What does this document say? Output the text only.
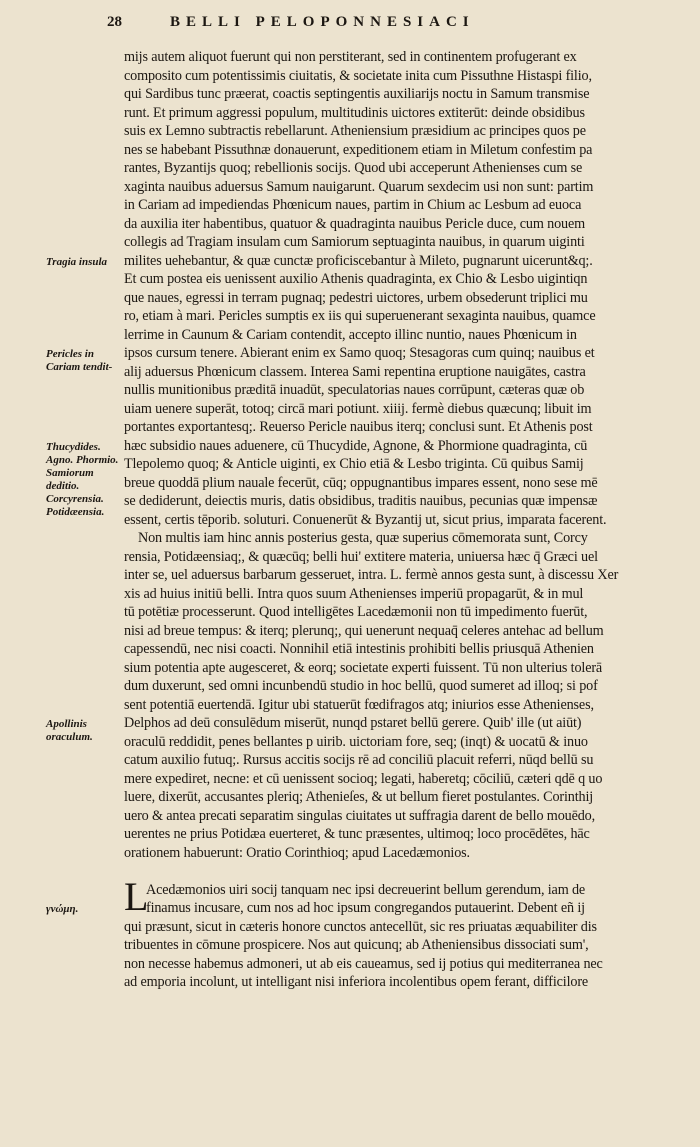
28	BELLI PELOPONNESIACI
mijs autem aliquot fuerunt qui non perstiterant, sed in continentem profugerant ex
composito cum potentissimis ciuitatis, & societate inita cum Pissuthne Histaspi filio,
qui Sardibus tunc præerat, coactis septingentis auxiliarijs noctu in Samum transmise
runt. Et primum aggressi populum, multitudinis uictores extiterūt: deinde obsidibus
suis ex Lemno subtractis rebellarunt. Atheniensium præsidium ac principes quos pe
nes se habebant Pissuthnæ donauerunt, expeditionem etiam in Miletum confestim pa
rantes, Byzantijs quoq; rebellionis socijs. Quod ubi acceperunt Athenienses cum se
xaginta nauibus aduersus Samum nauigarunt. Quarum sexdecim usi non sunt: partim
in Cariam ad impediendas Phœnicum naues, partim in Chium ac Lesbum ad euoca
da auxilia iter habentibus, quatuor & quadraginta nauibus Pericle duce, cum nouem
collegis ad Tragiam insulam cum Samiorum septuaginta nauibus, in quarum uiginti
milites uehebantur, & quæ cunctæ proficiscebantur à Mileto, pugnarunt uicerunt&q;.
Et cum postea eis uenissent auxilio Athenis quadraginta, ex Chio & Lesbo uigintiqn
que naues, egressi in terram pugnaq; pedestri uictores, urbem obsederunt triplici mu
ro, etiam à mari. Pericles sumptis ex iis qui superuenerant sexaginta nauibus, quamce
lerrime in Caunum & Cariam contendit, accepto illinc nuntio, naues Phœnicum in
ipsos cursum tenere. Abierant enim ex Samo quoq; Stesagoras cum quinq; nauibus et
alij aduersus Phœnicum classem. Interea Sami repentina eruptione nauigātes, castra
nullis munitionibus præditā inuadūt, speculatorias naues corrūpunt, cæteras quæ ob
uiam uenere superāt, totoq; circā mari potiunt. xiiij. fermè diebus quæcunq; libuit im
portantes exportantesq;. Reuerso Pericle nauibus iterq; conclusi sunt. Et Athenis post
hæc subsidio naues aduenere, cū Thucydide, Agnone, & Phormione quadraginta, cū
Tlepolemo quoq; & Anticle uiginti, ex Chio etiā & Lesbo triginta. Cū quibus Samij
breue quoddā plium nauale fecerūt, cūq; oppugnantibus impares essent, nono sese mē
se dediderunt, deiectis muris, datis obsidibus, traditis nauibus, pecunias quæ impensæ
essent, certis tēporib. soluturi. Conuenerūt & Byzantij ut, sicut prius, imparata facerent.
Non multis iam hinc annis posterius gesta, quæ superius cōmemorata sunt, Corcy
rensia, Potidæensiaq;, & quæcūq; belli hui' extitere materia, uniuersa hæc q̄ Græci uel
inter se, uel aduersus barbarum gesseruet, intra. L. fermè annos gesta sunt, à discessu Xer
xis ad huius initiū belli. Intra quos suum Athenienses imperiū propagarūt, & in mul
tū potētiæ processerunt. Quod intelligētes Lacedæmonii non tū impedimento fuerūt,
nisi ad breue tempus: & iterq; plerunq;, qui uenerunt nequaq̄ celeres antehac ad bellum
capessendū, nec nisi coacti. Nonnihil etiā intestinis prohibiti bellis priusquā Athenien
sium potentia apte augesceret, & eorq; societate experti fuissent. Tū non ulterius tolerā
dum duxerunt, sed omni incunbendū studio in hoc bellū, quod sumeret ad illoq; si pof
sent potentiā euertendā. Igitur ubi statuerūt fœdifragos atq; iniurios esse Athenienses,
Delphos ad deū consulēdum miserūt, nunqd pstaret bellū gerere. Quib' ille (ut aiūt)
oraculū reddidit, penes bellantes p uirib. uictoriam fore, seq; (inqt) & uocatū & inuo
catum auxilio futuq;. Rursus accitis socijs rē ad conciliū placuit referri, nūqd bellū su
mere expediret, necne: et cū uenissent socioq; legati, haberetq; cōciliū, cæteri qdē q uo
luere, dixerūt, accusantes pleriq; Athenieſes, & ut bellum fieret postulantes. Corinthij
uero & antea precati separatim singulas ciuitates ut suffragia darent de bello mouēdo,
uerentes ne prius Potidæa euerteret, & tunc præsentes, ultimoq; loco procēdētes, hāc
orationem habuerunt: Oratio Corinthioq; apud Lacedæmonios.
Acedæmonios uiri socij tanquam nec ipsi decreuerint bellum gerendum, iam de
finamus incusare, cum nos ad hoc ipsum congregandos putauerint. Debent eñ ij
qui præsunt, sicut in cæteris honore cunctos antecellūt, sic res priuatas æquabiliter dis
tribuentes in cōmune prospicere. Nos aut quicunq; ab Atheniensibus dissociati sum',
non necesse habemus admoneri, ut ab eis caueamus, sed ij potius qui mediterranea nec
ad emporia incolunt, ut intelligant nisi inferiora incolentibus opem ferant, difficilore
L
Tragia insula
Pericles in Cariam tendit-
Thucydides. Agno. Phormio. Samiorum deditio. Corcyrensia. Potidæensia.
Apollinis oraculum.
γνώμη.
